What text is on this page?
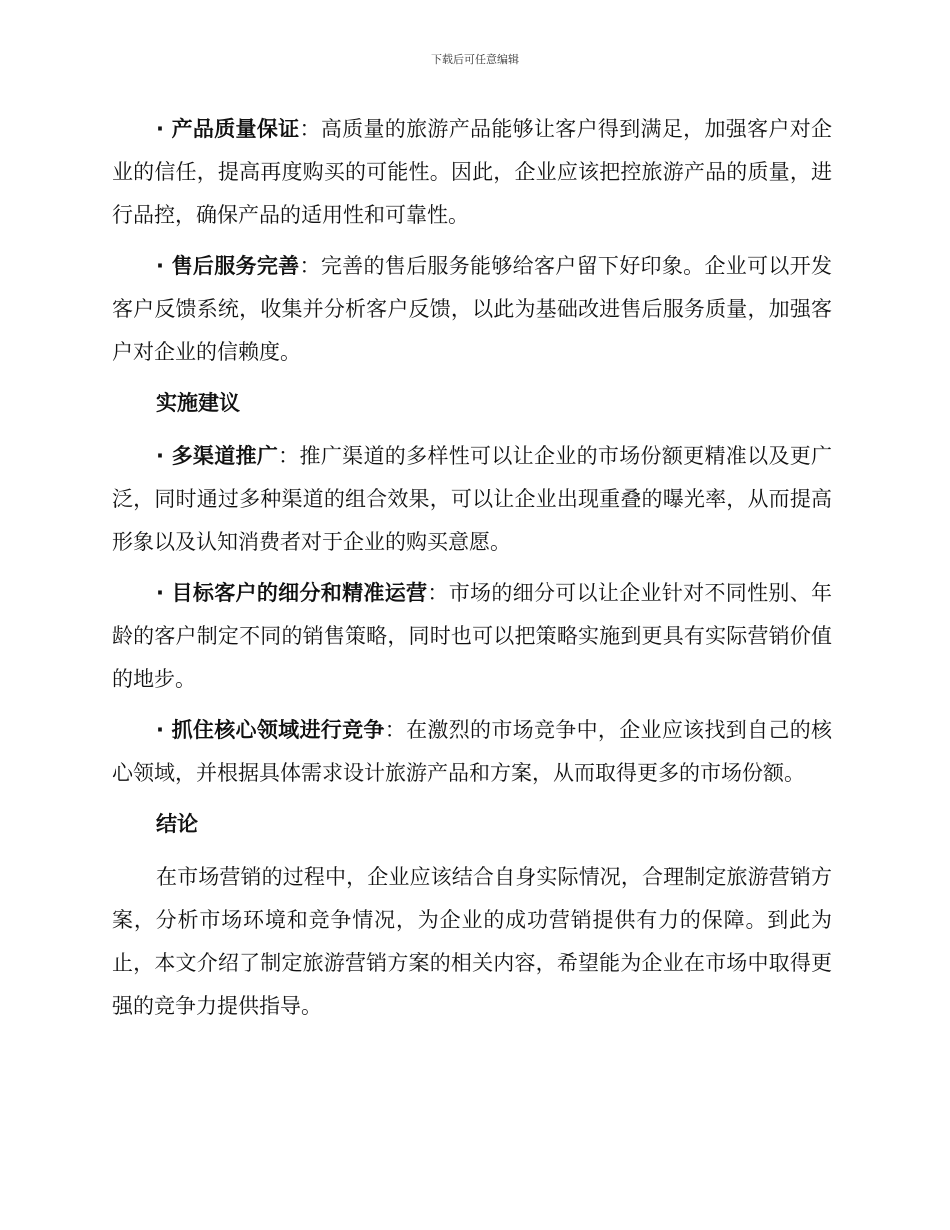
下载后可任意编辑

· 产品质量保证：高质量的旅游产品能够让客户得到满足，加强客户对企业的信任，提高再度购买的可能性。因此，企业应该把控旅游产品的质量，进行品控，确保产品的适用性和可靠性。

· 售后服务完善：完善的售后服务能够给客户留下好印象。企业可以开发客户反馈系统，收集并分析客户反馈，以此为基础改进售后服务质量，加强客户对企业的信赖度。

实施建议

· 多渠道推广：推广渠道的多样性可以让企业的市场份额更精准以及更广泛，同时通过多种渠道的组合效果，可以让企业出现重叠的曝光率，从而提高形象以及认知消费者对于企业的购买意愿。

· 目标客户的细分和精准运营：市场的细分可以让企业针对不同性别、年龄的客户制定不同的销售策略，同时也可以把策略实施到更具有实际营销价值的地步。

· 抓住核心领域进行竞争：在激烈的市场竞争中，企业应该找到自己的核心领域，并根据具体需求设计旅游产品和方案，从而取得更多的市场份额。

结论

在市场营销的过程中，企业应该结合自身实际情况，合理制定旅游营销方案，分析市场环境和竞争情况，为企业的成功营销提供有力的保障。到此为止，本文介绍了制定旅游营销方案的相关内容，希望能为企业在市场中取得更强的竞争力提供指导。
